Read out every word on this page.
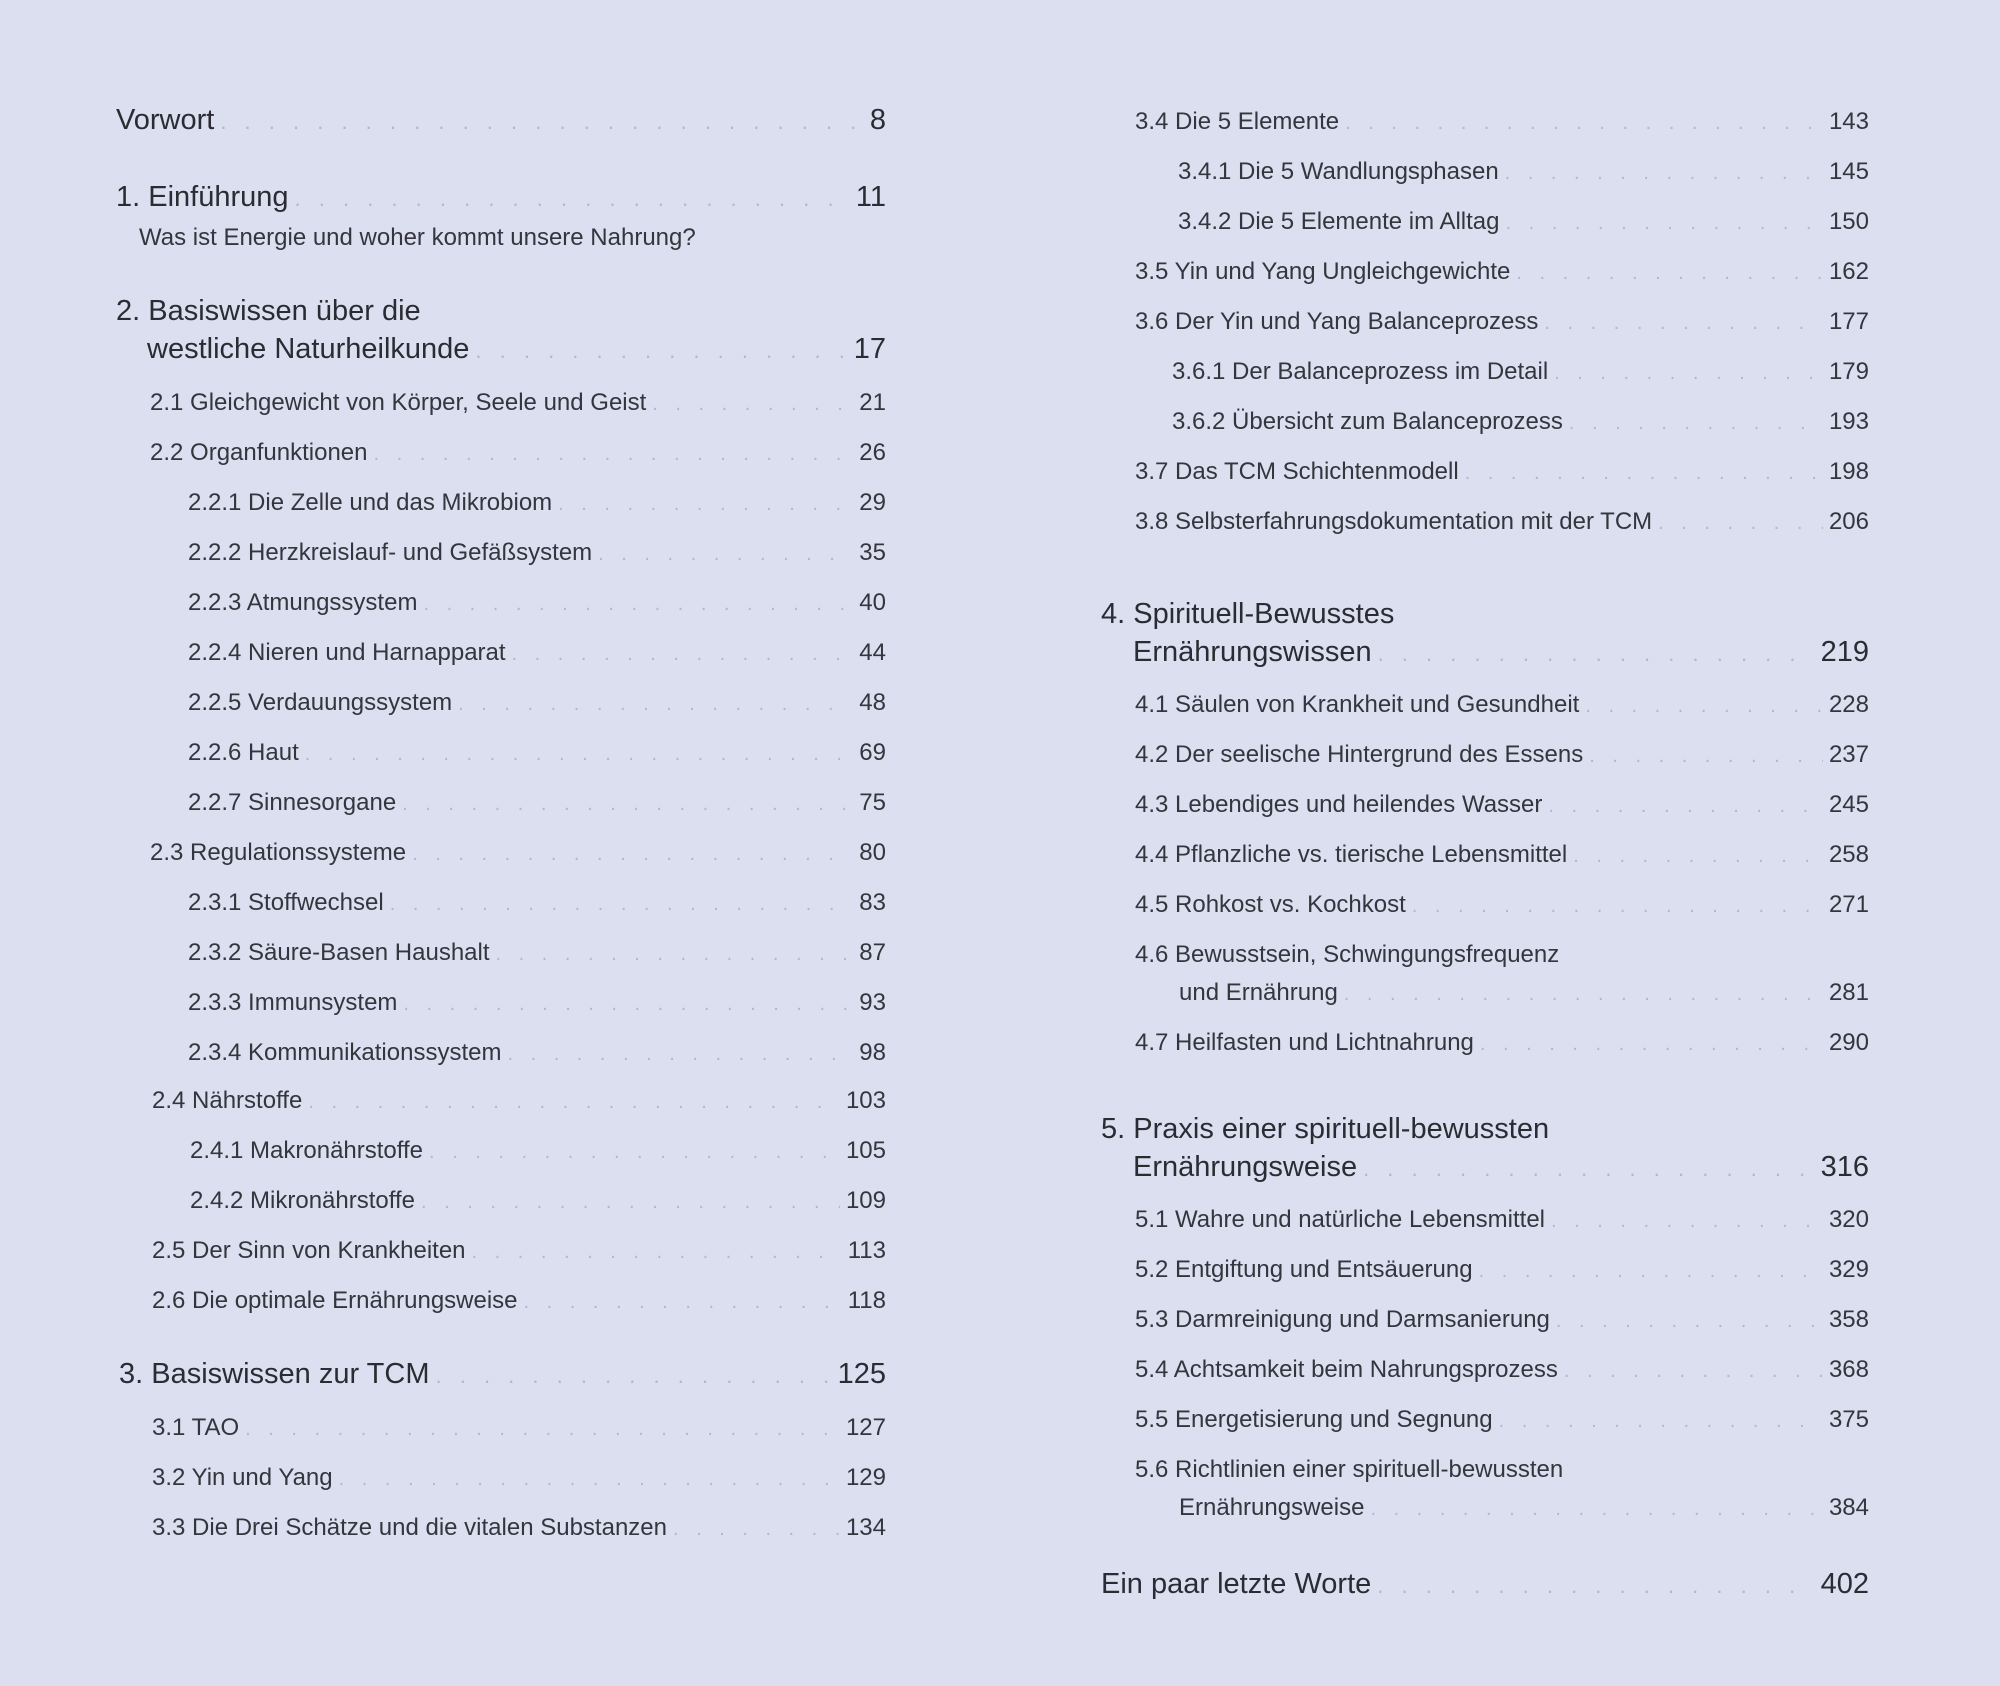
Vorwort . . .	8
1. Einführung . . .	11
Was ist Energie und woher kommt unsere Nahrung?
2. Basiswissen über die
westliche Naturheilkunde . . .	17
2.1 Gleichgewicht von Körper, Seele und Geist . . .	21
2.2 Organfunktionen . . .	26
2.2.1 Die Zelle und das Mikrobiom . . .	29
2.2.2 Herzkreislauf- und Gefäßsystem . . .	35
2.2.3 Atmungssystem . . .	40
2.2.4 Nieren und Harnapparat . . .	44
2.2.5 Verdauungssystem . . .	48
2.2.6 Haut . . .	69
2.2.7 Sinnesorgane . . .	75
2.3 Regulationssysteme . . .	80
2.3.1 Stoffwechsel . . .	83
2.3.2 Säure-Basen Haushalt . . .	87
2.3.3 Immunsystem . . .	93
2.3.4 Kommunikationssystem . . .	98
2.4 Nährstoffe . . .	103
2.4.1 Makronährstoffe . . .	105
2.4.2 Mikronährstoffe . . .	109
2.5 Der Sinn von Krankheiten . . .	113
2.6 Die optimale Ernährungsweise . . .	118
3. Basiswissen zur TCM . . .	125
3.1 TAO . . .	127
3.2 Yin und Yang . . .	129
3.3 Die Drei Schätze und die vitalen Substanzen . . .	134
3.4 Die 5 Elemente . . .	143
3.4.1 Die 5 Wandlungsphasen . . .	145
3.4.2 Die 5 Elemente im Alltag . . .	150
3.5 Yin und Yang Ungleichgewichte . . .	162
3.6 Der Yin und Yang Balanceprozess . . .	177
3.6.1 Der Balanceprozess im Detail . . .	179
3.6.2 Übersicht zum Balanceprozess . . .	193
3.7 Das TCM Schichtenmodell . . .	198
3.8 Selbsterfahrungsdokumentation mit der TCM . . .	206
4. Spirituell-Bewusstes
Ernährungswissen . . .	219
4.1 Säulen von Krankheit und Gesundheit . . .	228
4.2 Der seelische Hintergrund des Essens . . .	237
4.3 Lebendiges und heilendes Wasser . . .	245
4.4 Pflanzliche vs. tierische Lebensmittel . . .	258
4.5 Rohkost vs. Kochkost . . .	271
4.6 Bewusstsein, Schwingungsfrequenz
und Ernährung . . .	281
4.7 Heilfasten und Lichtnahrung . . .	290
5. Praxis einer spirituell-bewussten
Ernährungsweise . . .	316
5.1 Wahre und natürliche Lebensmittel . . .	320
5.2 Entgiftung und Entsäuerung . . .	329
5.3 Darmreinigung und Darmsanierung . . .	358
5.4 Achtsamkeit beim Nahrungsprozess . . .	368
5.5 Energetisierung und Segnung . . .	375
5.6 Richtlinien einer spirituell-bewussten
Ernährungsweise . . .	384
Ein paar letzte Worte . . .	402
